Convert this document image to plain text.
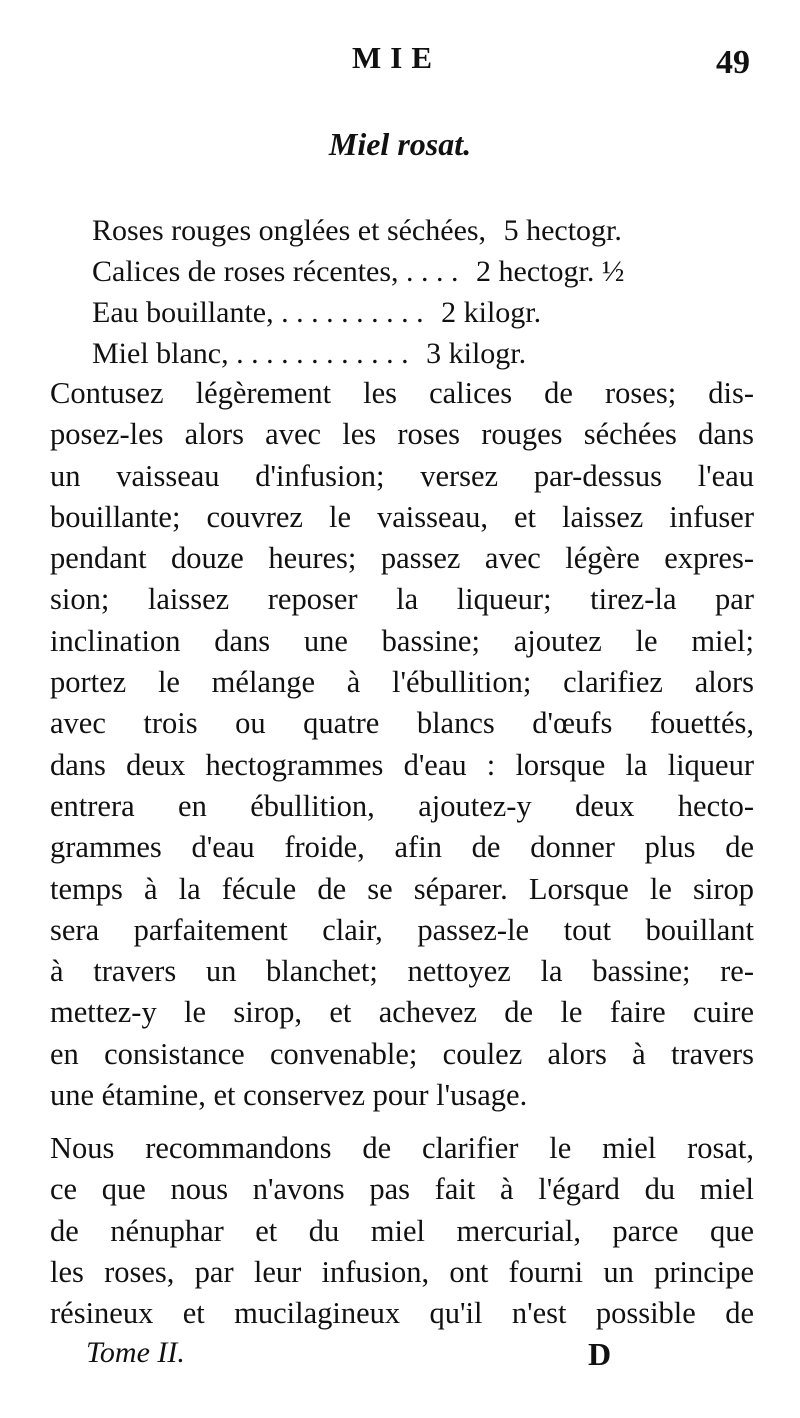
MIE	49
Miel rosat.
Roses rouges onglées et séchées, 5 hectogr.
Calices de roses récentes, . . . . 2 hectogr. ½
Eau bouillante, . . . . . . . . . . 2 kilogr.
Miel blanc, . . . . . . . . . . . . 3 kilogr.
Contusez légèrement les calices de roses; dis-
posez-les alors avec les roses rouges séchées dans
un vaisseau d'infusion; versez par-dessus l'eau
bouillante; couvrez le vaisseau, et laissez infuser
pendant douze heures; passez avec légère expres-
sion; laissez reposer la liqueur; tirez-la par
inclination dans une bassine; ajoutez le miel;
portez le mélange à l'ébullition; clarifiez alors
avec trois ou quatre blancs d'œufs fouettés,
dans deux hectogrammes d'eau : lorsque la liqueur
entrera en ébullition, ajoutez-y deux hecto-
grammes d'eau froide, afin de donner plus de
temps à la fécule de se séparer. Lorsque le sirop
sera parfaitement clair, passez-le tout bouillant
à travers un blanchet; nettoyez la bassine; re-
mettez-y le sirop, et achevez de le faire cuire
en consistance convenable; coulez alors à travers
une étamine, et conservez pour l'usage.
Nous recommandons de clarifier le miel rosat,
ce que nous n'avons pas fait à l'égard du miel
de nénuphar et du miel mercurial, parce que
les roses, par leur infusion, ont fourni un principe
résineux et mucilagineux qu'il n'est possible de
Tome II.	D
